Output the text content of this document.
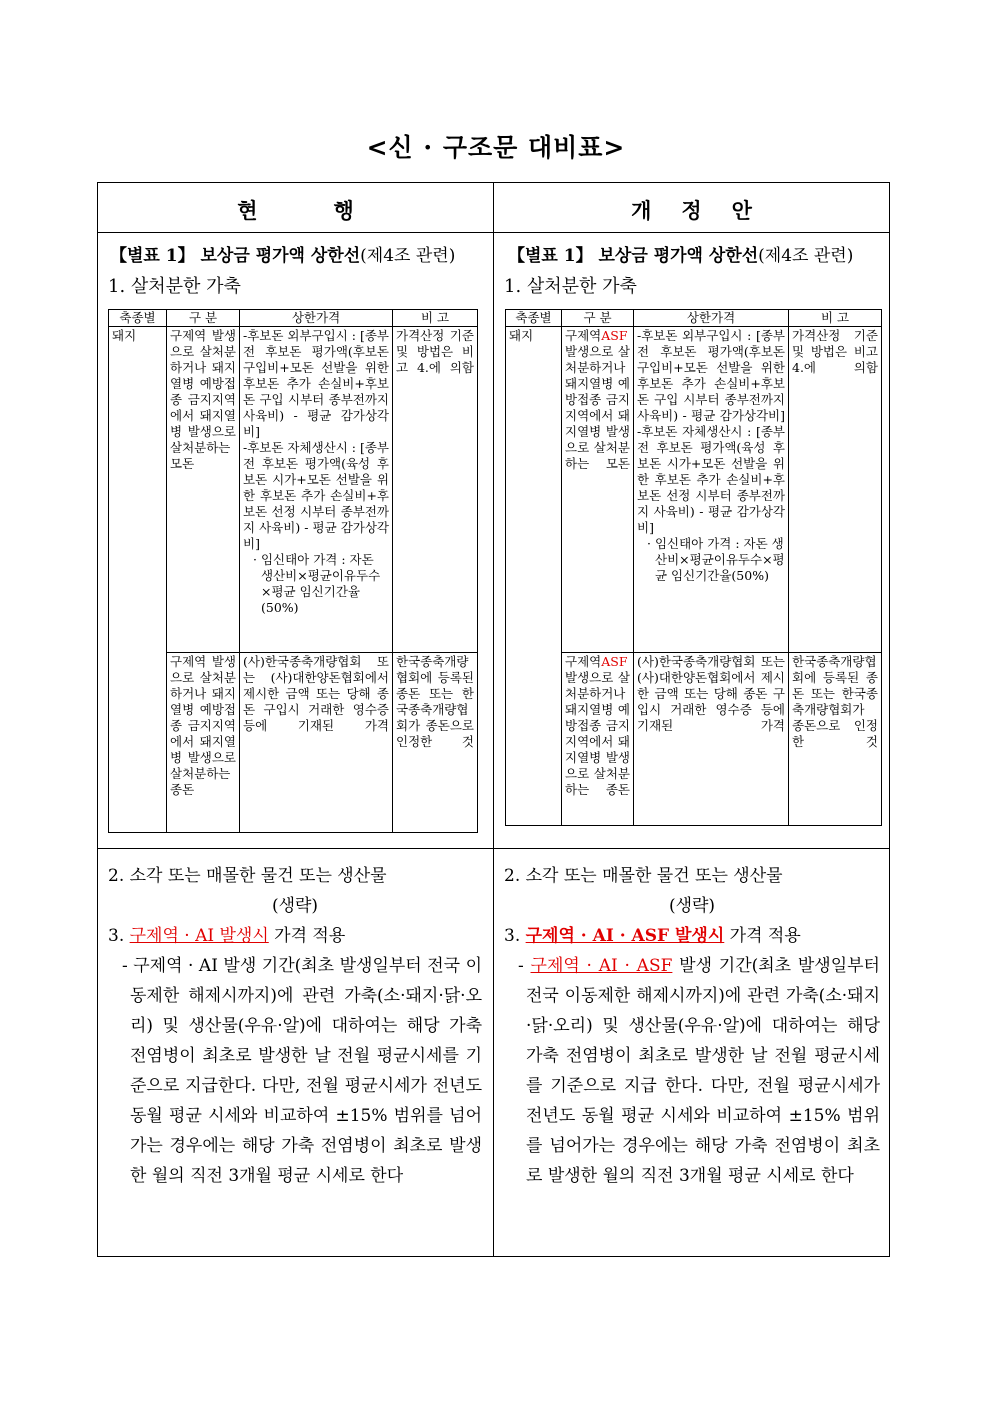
<신 · 구조문 대비표>
현행	개정안
【별표 1】 보상금 평가액 상한선(제4조 관련)
1. 살처분한 가축
축종별	구 분	상한가격	비 고
돼지	구제역 발생으로 살처분하거나 돼지열병 예방접종 금지지역에서 돼지열병 발생으로 살처분하는 모돈	-후보돈 외부구입시 : [종부전 후보돈 평가액(후보돈 구입비+모돈 선발을 위한 후보돈 추가 손실비+후보돈 구입 시부터 종부전까지 사육비) - 평균 감가상각비]
-후보돈 자체생산시 : [종부전 후보돈 평가액(육성 후보돈 시가+모돈 선발을 위한 후보돈 추가 손실비+후보돈 선정 시부터 종부전까지 사육비) - 평균 감가상각비]
· 임신태아 가격 : 자돈 생산비×평균이유두수×평균 임신기간율(50%)	가격산정 기준 및 방법은 비고 4.에 의함
	구제역 발생으로 살처분하거나 돼지열병 예방접종 금지지역에서 돼지열병 발생으로 살처분하는 종돈	(사)한국종축개량협회 또는 (사)대한양돈협회에서 제시한 금액 또는 당해 종돈 구입시 거래한 영수증 등에 기재된 가격	한국종축개량협회에 등록된 종돈 또는 한국종축개량협회가 종돈으로 인정한 것
【별표 1】 보상금 평가액 상한선(제4조 관련)
1. 살처분한 가축
축종별	구 분	상한가격	비 고
돼지	구제역ASF 발생으로 살처분하거나 돼지열병 예방접종 금지지역에서 돼지열병 발생으로 살처분하는 모돈	-후보돈 외부구입시 : [종부전 후보돈 평가액(후보돈 구입비+모돈 선발을 위한 후보돈 추가 손실비+후보돈 구입 시부터 종부전까지 사육비) - 평균 감가상각비]
-후보돈 자체생산시 : [종부전 후보돈 평가액(육성 후보돈 시가+모돈 선발을 위한 후보돈 추가 손실비+후보돈 선정 시부터 종부전까지 사육비) - 평균 감가상각비]
· 임신태아 가격 : 자돈 생산비×평균이유두수×평균 임신기간율(50%)	가격산정 기준 및 방법은 비고 4.에 의함
	구제역ASF 발생으로 살처분하거나 돼지열병 예방접종 금지지역에서 돼지열병 발생으로 살처분하는 종돈	(사)한국종축개량협회 또는 (사)대한양돈협회에서 제시한 금액 또는 당해 종돈 구입시 거래한 영수증 등에 기재된 가격	한국종축개량협회에 등록된 종돈 또는 한국종축개량협회가 종돈으로 인정한 것

2. 소각 또는 매몰한 물건 또는 생산물

(생략)

3. 구제역 · AI 발생시 가격 적용

- 구제역 · AI 발생 기간(최초 발생일부터 전국 이동제한 해제시까지)에 관련 가축(소·돼지·닭·오리) 및 생산물(우유·알)에 대하여는 해당 가축 전염병이 최초로 발생한 날 전월 평균시세를 기준으로 지급한다. 다만, 전월 평균시세가 전년도 동월 평균 시세와 비교하여 ±15% 범위를 넘어가는 경우에는 해당 가축 전염병이 최초로 발생한 월의 직전 3개월 평균 시세로 한다

2. 소각 또는 매몰한 물건 또는 생산물

(생략)

3. 구제역 · AI · ASF 발생시 가격 적용

- 구제역 · AI · ASF 발생 기간(최초 발생일부터 전국 이동제한 해제시까지)에 관련 가축(소·돼지·닭·오리) 및 생산물(우유·알)에 대하여는 해당 가축 전염병이 최초로 발생한 날 전월 평균시세를 기준으로 지급 한다. 다만, 전월 평균시세가 전년도 동월 평균 시세와 비교하여 ±15% 범위를 넘어가는 경우에는 해당 가축 전염병이 최초로 발생한 월의 직전 3개월 평균 시세로 한다
